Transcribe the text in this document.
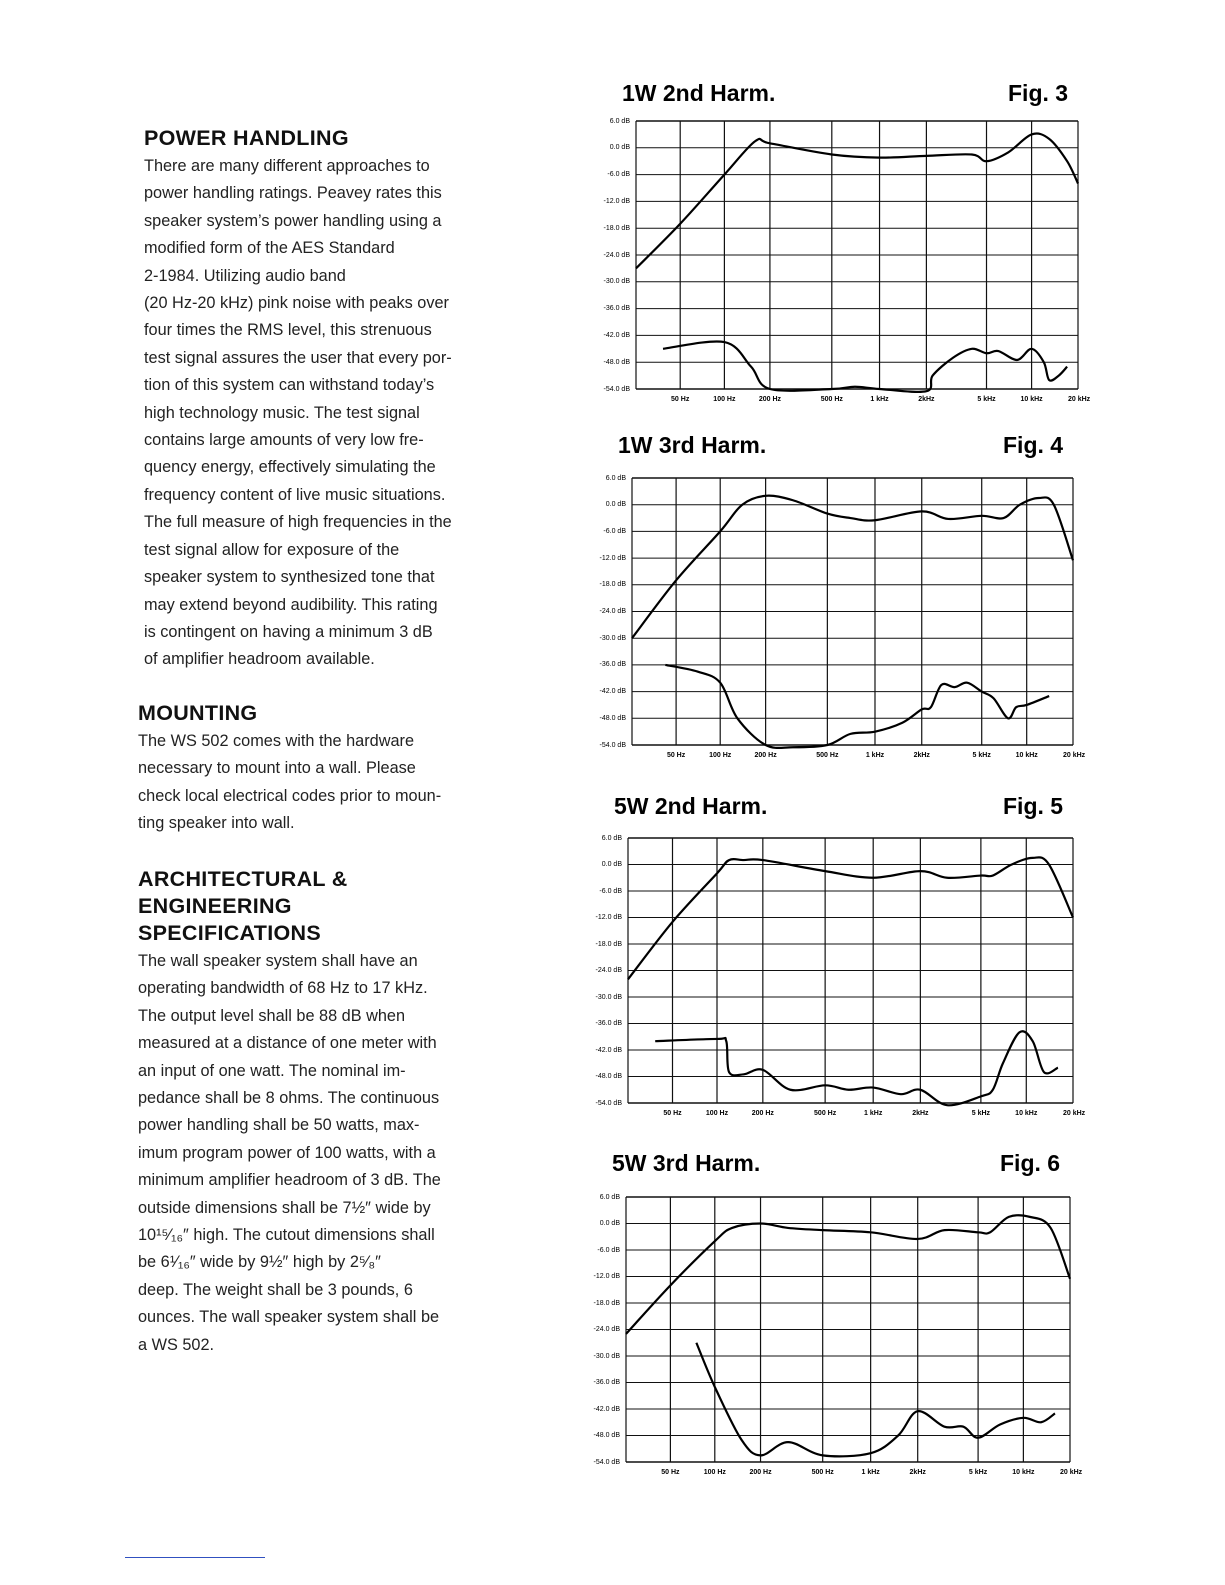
POWER HANDLING
There are many different approaches to
power handling ratings. Peavey rates this
speaker system’s power handling using a
modified form of the AES Standard
2-1984. Utilizing audio band
(20 Hz-20 kHz) pink noise with peaks over
four times the RMS level, this strenuous
test signal assures the user that every por-
tion of this system can withstand today’s
high technology music. The test signal
contains large amounts of very low fre-
quency energy, effectively simulating the
frequency content of live music situations.
The full measure of high frequencies in the
test signal allow for exposure of the
speaker system to synthesized tone that
may extend beyond audibility. This rating
is contingent on having a minimum 3 dB
of amplifier headroom available.
MOUNTING
The WS 502 comes with the hardware
necessary to mount into a wall. Please
check local electrical codes prior to moun-
ting speaker into wall.
ARCHITECTURAL &
ENGINEERING
SPECIFICATIONS
The wall speaker system shall have an
operating bandwidth of 68 Hz to 17 kHz.
The output level shall be 88 dB when
measured at a distance of one meter with
an input of one watt. The nominal im-
pedance shall be 8 ohms. The continuous
power handling shall be 50 watts, max-
imum program power of 100 watts, with a
minimum amplifier headroom of 3 dB. The
outside dimensions shall be 7½″ wide by
10¹⁵⁄₁₆″ high. The cutout dimensions shall
be 6¹⁄₁₆″ wide by 9½″ high by 2⁵⁄₈″
deep. The weight shall be 3 pounds, 6
ounces. The wall speaker system shall be
a WS 502.
1W 2nd Harm.	Fig. 3
6.0 dB
0.0 dB
-6.0 dB
-12.0 dB
-18.0 dB
-24.0 dB
-30.0 dB
-36.0 dB
-42.0 dB
-48.0 dB
-54.0 dB
50 Hz	100 Hz	200 Hz	500 Hz	1 kHz	2kHz	5 kHz	10 kHz	20 kHz
1W 3rd Harm.	Fig. 4
6.0 dB
0.0 dB
-6.0 dB
-12.0 dB
-18.0 dB
-24.0 dB
-30.0 dB
-36.0 dB
-42.0 dB
-48.0 dB
-54.0 dB
50 Hz	100 Hz	200 Hz	500 Hz	1 kHz	2kHz	5 kHz	10 kHz	20 kHz
5W 2nd Harm.	Fig. 5
6.0 dB
0.0 dB
-6.0 dB
-12.0 dB
-18.0 dB
-24.0 dB
-30.0 dB
-36.0 dB
-42.0 dB
-48.0 dB
-54.0 dB
50 Hz	100 Hz	200 Hz	500 Hz	1 kHz	2kHz	5 kHz	10 kHz	20 kHz
5W 3rd Harm.	Fig. 6
6.0 dB
0.0 dB
-6.0 dB
-12.0 dB
-18.0 dB
-24.0 dB
-30.0 dB
-36.0 dB
-42.0 dB
-48.0 dB
-54.0 dB
50 Hz	100 Hz	200 Hz	500 Hz	1 kHz	2kHz	5 kHz	10 kHz	20 kHz
